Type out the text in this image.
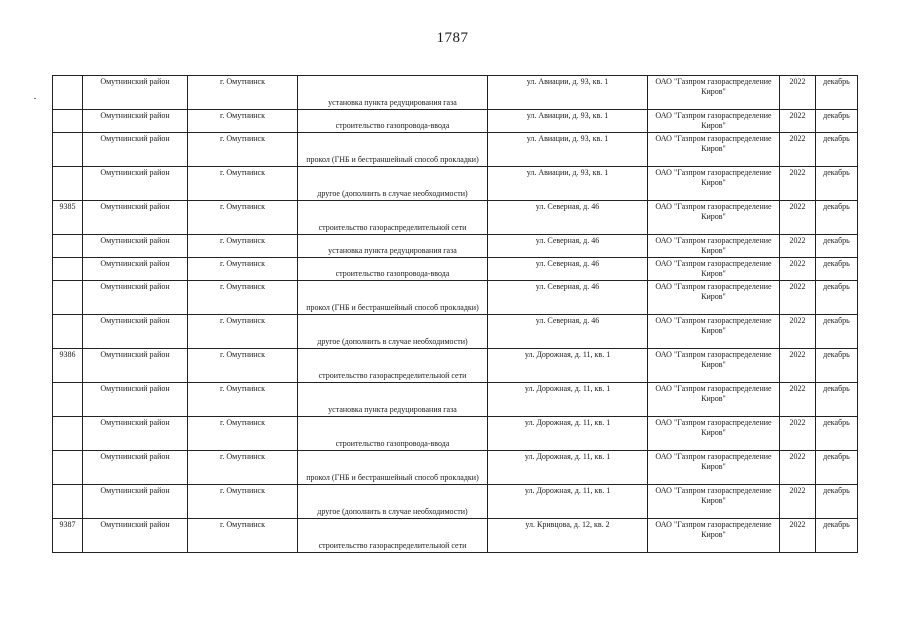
1787
	Омутнинский район	г. Омутнинск	установка пункта редуцирования газа	ул. Авиации, д. 93, кв. 1	ОАО "Газпром газораспределение Киров"	2022	декабрь
	Омутнинский район	г. Омутнинск	строительство газопровода-ввода	ул. Авиации, д. 93, кв. 1	ОАО "Газпром газораспределение Киров"	2022	декабрь
	Омутнинский район	г. Омутнинск	прокол (ГНБ и бестраншейный способ прокладки)	ул. Авиации, д. 93, кв. 1	ОАО "Газпром газораспределение Киров"	2022	декабрь
	Омутнинский район	г. Омутнинск	другое (дополнить в случае необходимости)	ул. Авиации, д. 93, кв. 1	ОАО "Газпром газораспределение Киров"	2022	декабрь
9385	Омутнинский район	г. Омутнинск	строительство газораспределительной сети	ул. Северная, д. 46	ОАО "Газпром газораспределение Киров"	2022	декабрь
	Омутнинский район	г. Омутнинск	установка пункта редуцирования газа	ул. Северная, д. 46	ОАО "Газпром газораспределение Киров"	2022	декабрь
	Омутнинский район	г. Омутнинск	строительство газопровода-ввода	ул. Северная, д. 46	ОАО "Газпром газораспределение Киров"	2022	декабрь
	Омутнинский район	г. Омутнинск	прокол (ГНБ и бестраншейный способ прокладки)	ул. Северная, д. 46	ОАО "Газпром газораспределение Киров"	2022	декабрь
	Омутнинский район	г. Омутнинск	другое (дополнить в случае необходимости)	ул. Северная, д. 46	ОАО "Газпром газораспределение Киров"	2022	декабрь
9386	Омутнинский район	г. Омутнинск	строительство газораспределительной сети	ул. Дорожная, д. 11, кв. 1	ОАО "Газпром газораспределение Киров"	2022	декабрь
	Омутнинский район	г. Омутнинск	установка пункта редуцирования газа	ул. Дорожная, д. 11, кв. 1	ОАО "Газпром газораспределение Киров"	2022	декабрь
	Омутнинский район	г. Омутнинск	строительство газопровода-ввода	ул. Дорожная, д. 11, кв. 1	ОАО "Газпром газораспределение Киров"	2022	декабрь
	Омутнинский район	г. Омутнинск	прокол (ГНБ и бестраншейный способ прокладки)	ул. Дорожная, д. 11, кв. 1	ОАО "Газпром газораспределение Киров"	2022	декабрь
	Омутнинский район	г. Омутнинск	другое (дополнить в случае необходимости)	ул. Дорожная, д. 11, кв. 1	ОАО "Газпром газораспределение Киров"	2022	декабрь
9387	Омутнинский район	г. Омутнинск	строительство газораспределительной сети	ул. Кривцова, д. 12, кв. 2	ОАО "Газпром газораспределение Киров"	2022	декабрь
